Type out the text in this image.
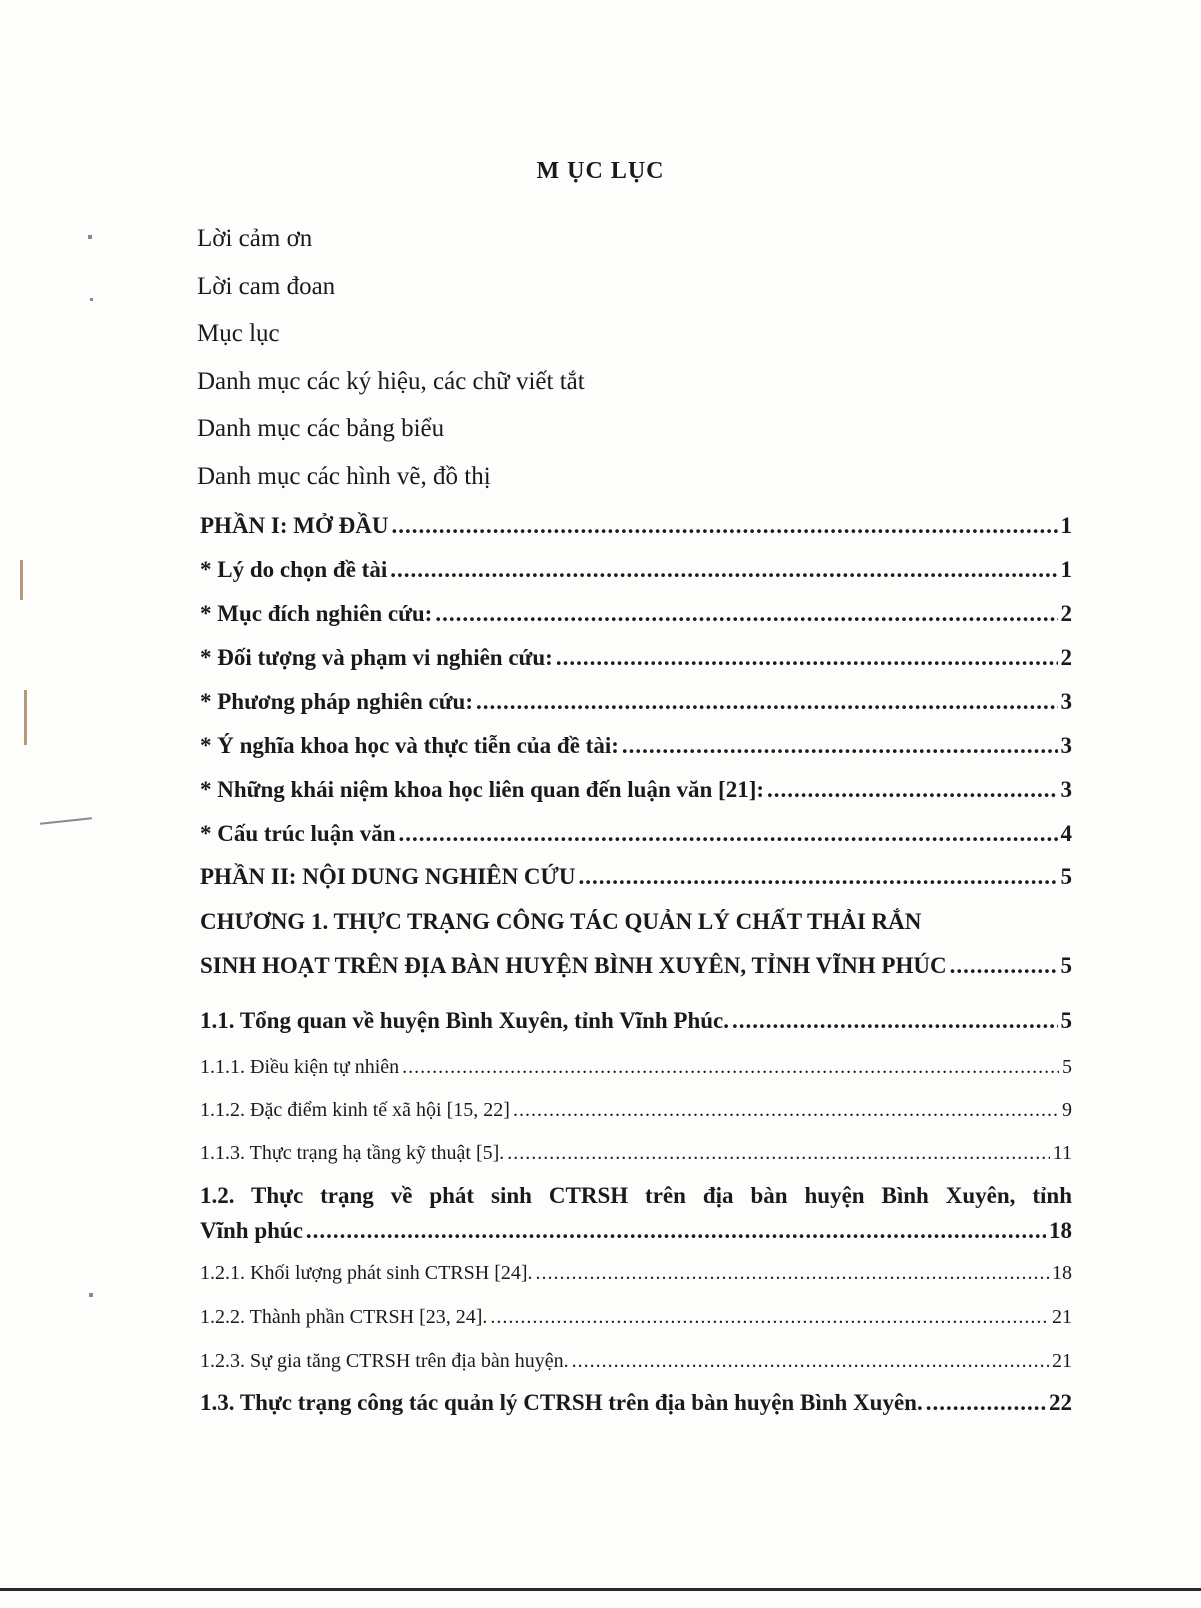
M ỤC LỤC
Lời cảm ơn
Lời cam đoan
Mục lục
Danh mục các ký hiệu, các chữ viết tắt
Danh mục các bảng biểu
Danh mục các hình vẽ, đồ thị
PHẦN I: MỞ ĐẦU .....	1
* Lý do chọn đề tài .....	1
* Mục đích nghiên cứu: .....	2
* Đối tượng và phạm vi nghiên cứu: .....	2
* Phương pháp nghiên cứu: .....	3
* Ý nghĩa khoa học và thực tiễn của đề tài: .....	3
* Những khái niệm khoa học liên quan đến luận văn [21]: .....	3
* Cấu trúc luận văn .....	4
PHẦN II: NỘI DUNG NGHIÊN CỨU .....	5
CHƯƠNG 1. THỰC TRẠNG CÔNG TÁC QUẢN LÝ CHẤT THẢI RẮN
SINH HOẠT TRÊN ĐỊA BÀN HUYỆN BÌNH XUYÊN, TỈNH VĨNH PHÚC .....	5
1.1. Tổng quan về huyện Bình Xuyên, tỉnh Vĩnh Phúc. .....	5
1.1.1. Điều kiện tự nhiên .....	5
1.1.2. Đặc điểm kinh tế xã hội [15, 22] .....	9
1.1.3. Thực trạng hạ tầng kỹ thuật [5]. .....	11
1.2. Thực trạng về phát sinh CTRSH trên địa bàn huyện Bình Xuyên, tỉnh
Vĩnh phúc .....	18
1.2.1. Khối lượng phát sinh CTRSH [24]. .....	18
1.2.2. Thành phần CTRSH [23, 24]. .....	21
1.2.3. Sự gia tăng CTRSH trên địa bàn huyện. .....	21
1.3. Thực trạng công tác quản lý CTRSH trên địa bàn huyện Bình Xuyên. .....	22
